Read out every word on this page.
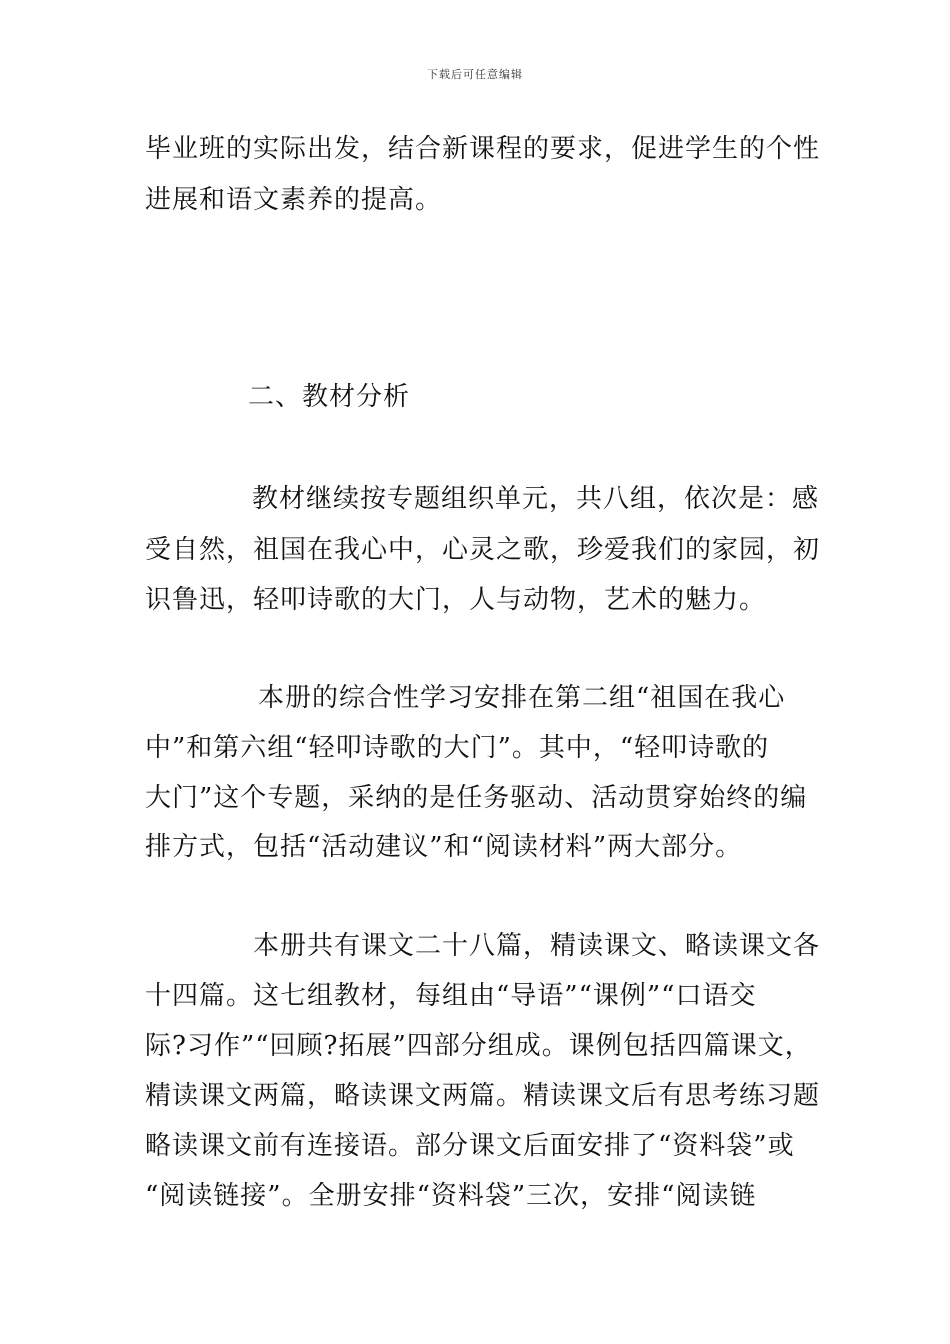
下载后可任意编辑
毕业班的实际出发，结合新课程的要求，促进学生的个性
进展和语文素养的提高。
二、教材分析
教材继续按专题组织单元，共八组，依次是：感
受自然，祖国在我心中，心灵之歌，珍爱我们的家园，初
识鲁迅，轻叩诗歌的大门，人与动物，艺术的魅力。
本册的综合性学习安排在第二组“祖国在我心
中”和第六组“轻叩诗歌的大门”。其中，“轻叩诗歌的
大门”这个专题，采纳的是任务驱动、活动贯穿始终的编
排方式，包括“活动建议”和“阅读材料”两大部分。
本册共有课文二十八篇，精读课文、略读课文各
十四篇。这七组教材，每组由“导语”“课例”“口语交
际?习作”“回顾?拓展”四部分组成。课例包括四篇课文，
精读课文两篇，略读课文两篇。精读课文后有思考练习题
略读课文前有连接语。部分课文后面安排了“资料袋”或
“阅读链接”。全册安排“资料袋”三次，安排“阅读链
